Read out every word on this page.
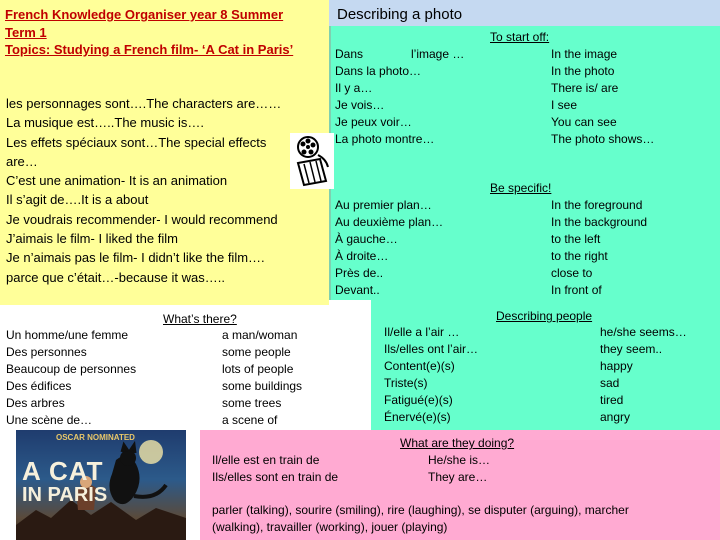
French Knowledge Organiser year 8 Summer
Term 1
Topics: Studying a French film- ‘A Cat in Paris’
les personnages sont….The characters are……
La musique est…..The music is….
Les effets spéciaux sont…The special effects
are…
C’est une animation- It is an animation
Il s’agit de….It is a about
Je voudrais recommender- I would recommend
J’aimais le film- I liked the film
Je n’aimais pas le film- I didn’t like the film….
parce que c’était…-because it was…..
What’s there?
Un homme/une femme
Des personnes
Beaucoup de personnes
Des édifices
Des arbres
Une scène de…
a man/woman
some people
lots of people
some buildings
some trees
a scene of
OSCAR NOMINATED
A CAT
IN PARIS
Describing a photo
To start off:
Dans	l’image …
Dans la photo…
Il y a…
Je vois…
Je peux voir…
La photo montre…
In the image
In the photo
There is/ are
I see
You can see
The photo shows…
Be specific!
Au premier plan…
Au deuxième plan…
À gauche…
À droite…
Près de..
Devant..
In the foreground
In the background
to the left
to the right
close to
In front of
Describing people
Il/elle a l’air …
Ils/elles ont l’air…
Content(e)(s)
Triste(s)
Fatigué(e)(s)
Énervé(e)(s)
he/she seems…
they seem..
happy
sad
tired
angry
What are they doing?
Il/elle est en train de
Ils/elles sont en train de
He/she is…
They are…
parler (talking), sourire (smiling), rire (laughing), se disputer (arguing), marcher
(walking), travailler (working), jouer (playing)
